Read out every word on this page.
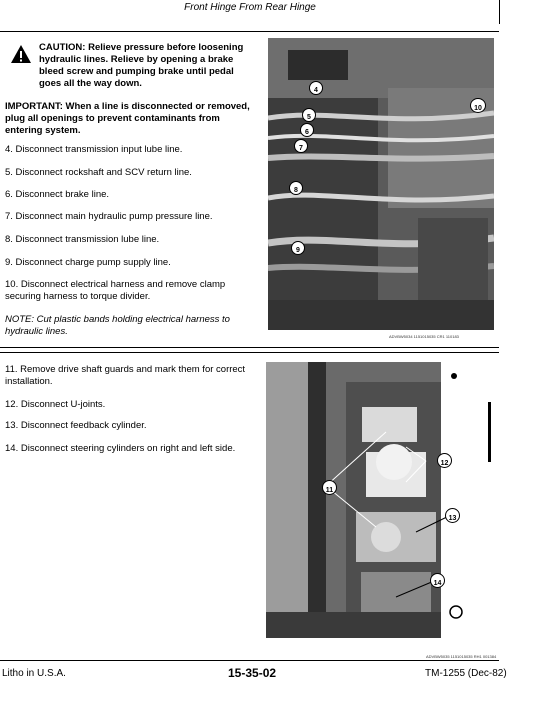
Front Hinge From Rear Hinge
CAUTION: Relieve pressure before loosening hydraulic lines. Relieve by opening a brake bleed screw and pumping brake until pedal goes all the way down.
IMPORTANT: When a line is disconnected or removed, plug all openings to prevent contaminants from entering system.
4. Disconnect transmission input lube line.
5. Disconnect rockshaft and SCV return line.
6. Disconnect brake line.
7. Disconnect main hydraulic pump pressure line.
8. Disconnect transmission lube line.
9. Disconnect charge pump supply line.
10. Disconnect electrical harness and remove clamp securing harness to torque divider.
NOTE: Cut plastic bands holding electrical harness to hydraulic lines.
4
5
6
7
8
9
10
ADVBW5034 1151015035 CR1 110183
11. Remove drive shaft guards and mark them for correct installation.
12. Disconnect U-joints.
13. Disconnect feedback cylinder.
14. Disconnect steering cylinders on right and left side.
11
12
13
14
ADVBW5035 1151015035 RH1 001384
Litho in U.S.A.	15-35-02	TM-1255 (Dec-82)
